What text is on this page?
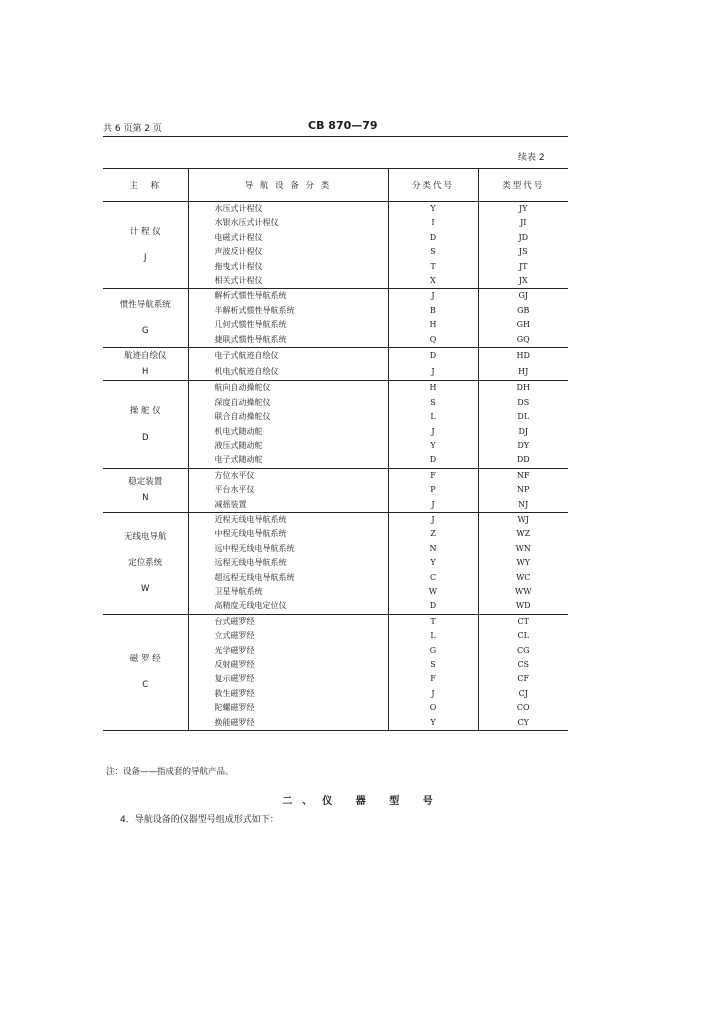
共 6 页第 2 页	CB 870—79
续表 2
主　称	导 航 设 备 分 类	分类代号	类型代号

计 程 仪
J	水压式计程仪	Y	JY
	水银水压式计程仪	I	JI
	电磁式计程仪	D	JD
	声波反计程仪	S	JS
	拖曳式计程仪	T	JT
	相关式计程仪	X	JX

惯性导航系统
G	解析式惯性导航系统	J	GJ
	半解析式惯性导航系统	B	GB
	几何式惯性导航系统	H	GH
	捷联式惯性导航系统	Q	GQ

航迹自绘仪
H	电子式航迹自绘仪	D	HD
	机电式航迹自绘仪	J	HJ

操 舵 仪
D	航向自动操舵仪	H	DH
	深度自动操舵仪	S	DS
	联合自动操舵仪	L	DL
	机电式随动舵	J	DJ
	液压式随动舵	Y	DY
	电子式随动舵	D	DD

稳定装置
N	方位水平仪	F	NF
	平台水平仪	P	NP
	减摇装置	J	NJ

无线电导航
定位系统
W	近程无线电导航系统	J	WJ
	中程无线电导航系统	Z	WZ
	远中程无线电导航系统	N	WN
	远程无线电导航系统	Y	WY
	超远程无线电导航系统	C	WC
	卫星导航系统	W	WW
	高精度无线电定位仪	D	WD

磁 罗 经
C	台式磁罗经	T	CT
	立式磁罗经	L	CL
	光学磁罗经	G	CG
	反射磁罗经	S	CS
	复示磁罗经	F	CF
	救生磁罗经	J	CJ
	陀螺磁罗经	O	CO
	换能磁罗经	Y	CY
注：设备——指成套的导航产品。
二、仪 器 型 号
4．导航设备的仪器型号组成形式如下：
